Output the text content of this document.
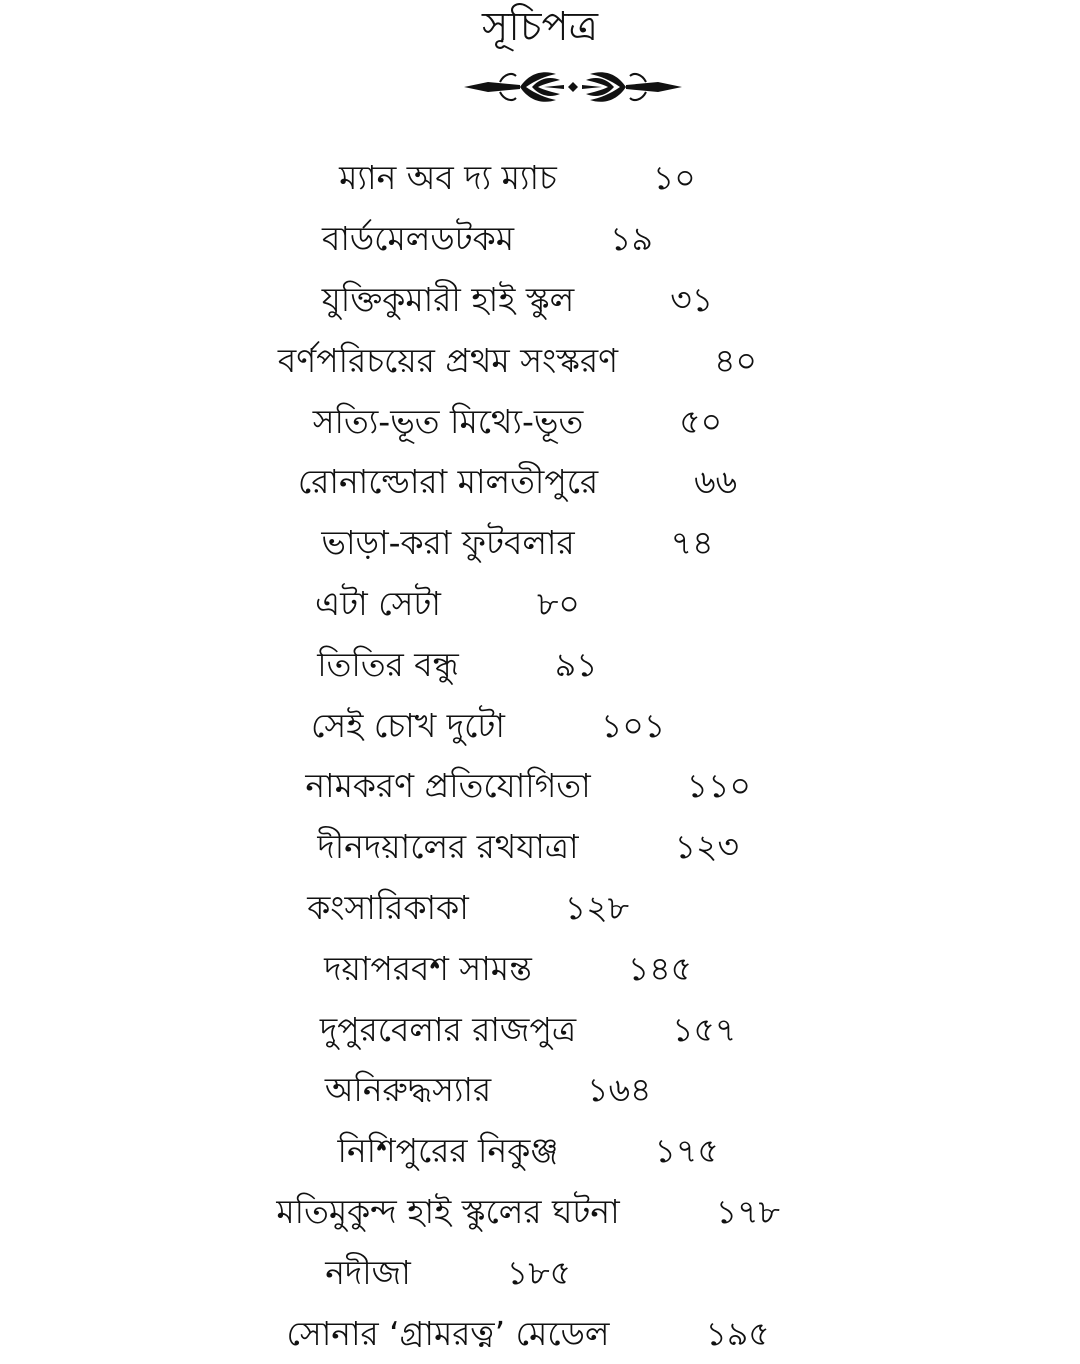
সূচিপত্র
ম্যান অব দ্য ম্যাচ	১০
বার্ডমেলডটকম	১৯
যুক্তিকুমারী হাই স্কুল	৩১
বর্ণপরিচয়ের প্রথম সংস্করণ	৪০
সত্যি-ভূত মিথ্যে-ভূত	৫০
রোনাল্ডোরা মালতীপুরে	৬৬
ভাড়া-করা ফুটবলার	৭৪
এটা সেটা	৮০
তিতির বন্ধু	৯১
সেই চোখ দুটো	১০১
নামকরণ প্রতিযোগিতা	১১০
দীনদয়ালের রথযাত্রা	১২৩
কংসারিকাকা	১২৮
দয়াপরবশ সামন্ত	১৪৫
দুপুরবেলার রাজপুত্র	১৫৭
অনিরুদ্ধস্যার	১৬৪
নিশিপুরের নিকুঞ্জ	১৭৫
মতিমুকুন্দ হাই স্কুলের ঘটনা	১৭৮
নদীজা	১৮৫
সোনার ‘গ্রামরত্ন’ মেডেল	১৯৫
